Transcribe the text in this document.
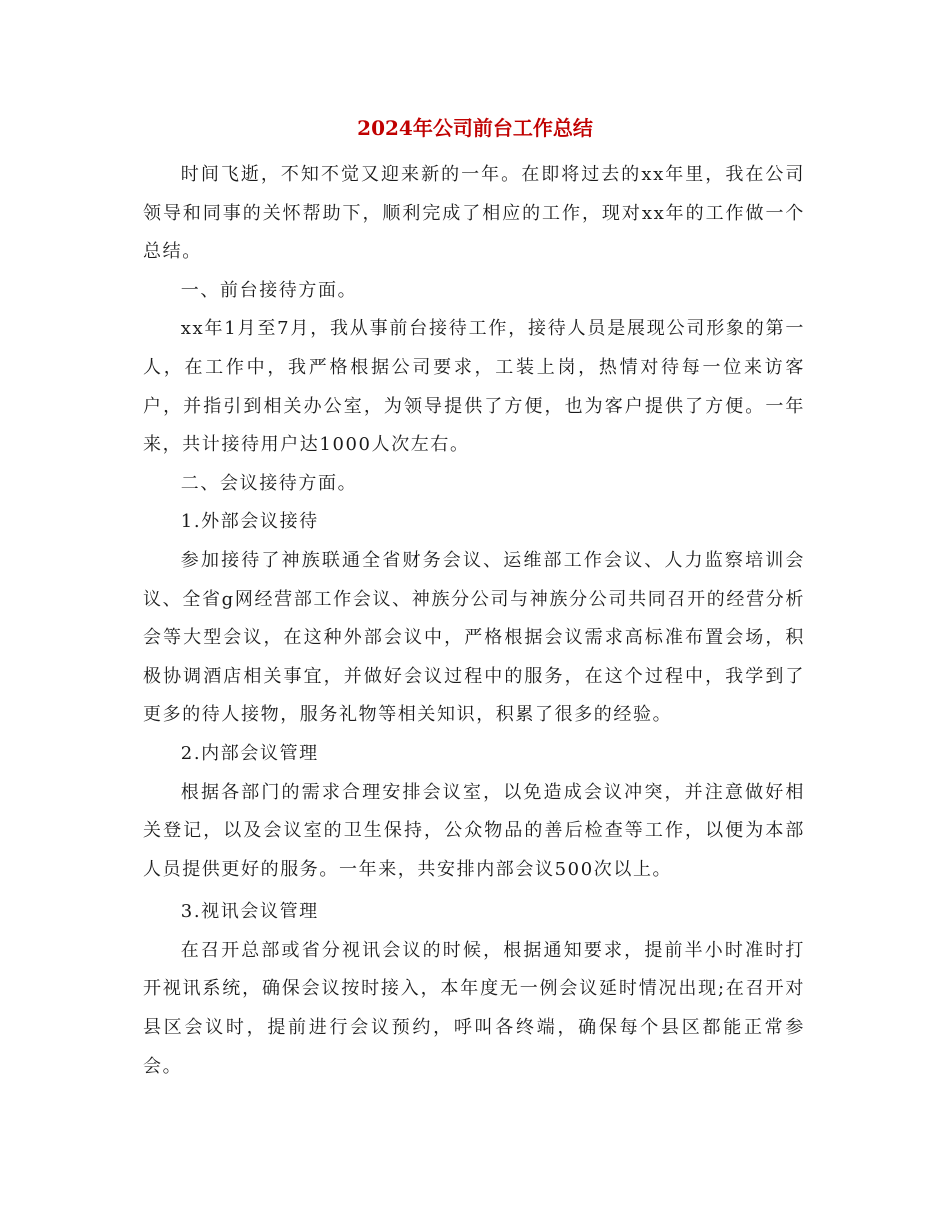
2024年公司前台工作总结

时间飞逝，不知不觉又迎来新的一年。在即将过去的xx年里，我在公司领导和同事的关怀帮助下，顺利完成了相应的工作，现对xx年的工作做一个总结。

一、前台接待方面。

xx年1月至7月，我从事前台接待工作，接待人员是展现公司形象的第一人，在工作中，我严格根据公司要求，工装上岗，热情对待每一位来访客户，并指引到相关办公室，为领导提供了方便，也为客户提供了方便。一年来，共计接待用户达1000人次左右。

二、会议接待方面。

1.外部会议接待

参加接待了神族联通全省财务会议、运维部工作会议、人力监察培训会议、全省g网经营部工作会议、神族分公司与神族分公司共同召开的经营分析会等大型会议，在这种外部会议中，严格根据会议需求高标准布置会场，积极协调酒店相关事宜，并做好会议过程中的服务，在这个过程中，我学到了更多的待人接物，服务礼物等相关知识，积累了很多的经验。

2.内部会议管理

根据各部门的需求合理安排会议室，以免造成会议冲突，并注意做好相关登记，以及会议室的卫生保持，公众物品的善后检查等工作，以便为本部人员提供更好的服务。一年来，共安排内部会议500次以上。

3.视讯会议管理

在召开总部或省分视讯会议的时候，根据通知要求，提前半小时准时打开视讯系统，确保会议按时接入，本年度无一例会议延时情况出现;在召开对县区会议时，提前进行会议预约，呼叫各终端，确保每个县区都能正常参会。
